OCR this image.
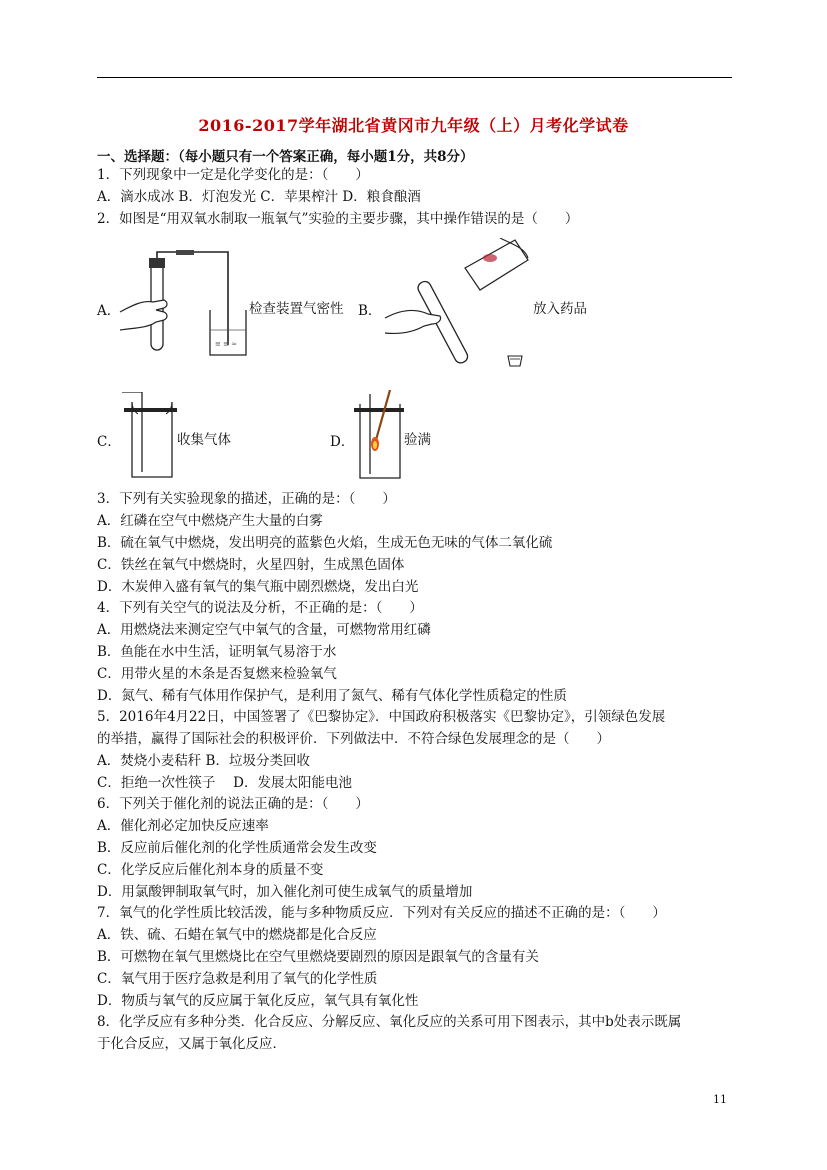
2016-2017学年湖北省黄冈市九年级（上）月考化学试卷
一、选择题：（每小题只有一个答案正确，每小题1分，共8分）
1．下列现象中一定是化学变化的是：（　　）
A．滴水成冰 B．灯泡发光 C．苹果榨汁 D．粮食酿酒
2．如图是“用双氧水制取一瓶氧气”实验的主要步骤，其中操作错误的是（　　）
A．
≡ ≡ ≈
检查装置气密性 B．	放入药品
C．	收集气体	D．	验满
3．下列有关实验现象的描述，正确的是：（　　）
A．红磷在空气中燃烧产生大量的白雾
B．硫在氧气中燃烧，发出明亮的蓝紫色火焰，生成无色无味的气体二氧化硫
C．铁丝在氧气中燃烧时，火星四射，生成黑色固体
D．木炭伸入盛有氧气的集气瓶中剧烈燃烧，发出白光
4．下列有关空气的说法及分析，不正确的是：（　　）
A．用燃烧法来测定空气中氧气的含量，可燃物常用红磷
B．鱼能在水中生活，证明氧气易溶于水
C．用带火星的木条是否复燃来检验氧气
D．氮气、稀有气体用作保护气，是利用了氮气、稀有气体化学性质稳定的性质
5．2016年4月22日，中国签署了《巴黎协定》．中国政府积极落实《巴黎协定》，引领绿色发展
的举措，赢得了国际社会的积极评价．下列做法中．不符合绿色发展理念的是（　　）
A．焚烧小麦秸秆 B．垃圾分类回收
C．拒绝一次性筷子　 D．发展太阳能电池
6．下列关于催化剂的说法正确的是：（　　）
A．催化剂必定加快反应速率
B．反应前后催化剂的化学性质通常会发生改变
C．化学反应后催化剂本身的质量不变
D．用氯酸钾制取氧气时，加入催化剂可使生成氧气的质量增加
7．氧气的化学性质比较活泼，能与多种物质反应．下列对有关反应的描述不正确的是：（　　）
A．铁、硫、石蜡在氧气中的燃烧都是化合反应
B．可燃物在氧气里燃烧比在空气里燃烧要剧烈的原因是跟氧气的含量有关
C．氧气用于医疗急救是利用了氧气的化学性质
D．物质与氧气的反应属于氧化反应，氧气具有氧化性
8．化学反应有多种分类．化合反应、分解反应、氧化反应的关系可用下图表示，其中b处表示既属
于化合反应，又属于氧化反应．
11
